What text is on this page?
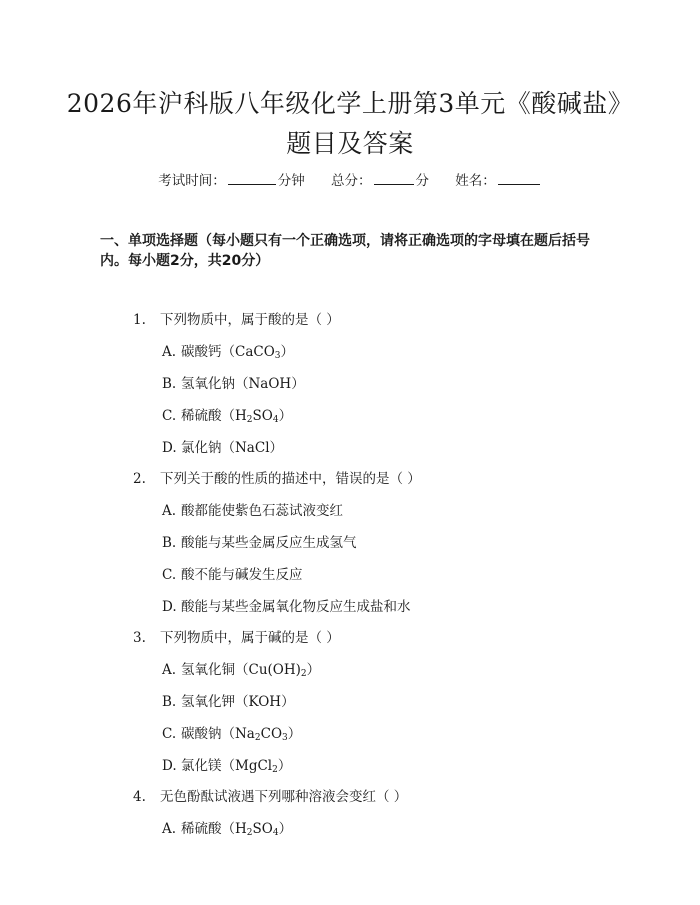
2026年沪科版八年级化学上册第3单元《酸碱盐》题目及答案
考试时间：	分钟 总分：	分 姓名：
一、单项选择题（每小题只有一个正确选项，请将正确选项的字母填在题后括号内。每小题2分，共20分）
1. 下列物质中，属于酸的是（ ）
A. 碳酸钙（CaCO$_3$）
B. 氢氧化钠（NaOH）
C. 稀硫酸$(H_2SO_4)$
D. 氯化钠（NaCl）
2. 下列关于酸的性质的描述中，错误的是（ ）
A. 酸都能使紫色石蕊试液变红
B. 酸能与某些金属反应生成氢气
C. 酸不能与碱发生反应
D. 酸能与某些金属氧化物反应生成盐和水
3. 下列物质中，属于碱的是（ ）
A. 氢氧化铜$(Cu(OH)_2)$
B. 氢氧化钾（KOH）
C. 碳酸钠$(Na_2CO_3)$
D. 氯化镁（MgCl$_2$）
4. 无色酚酞试液遇下列哪种溶液会变红（ ）
A. 稀硫酸$(H_2SO_4)$
